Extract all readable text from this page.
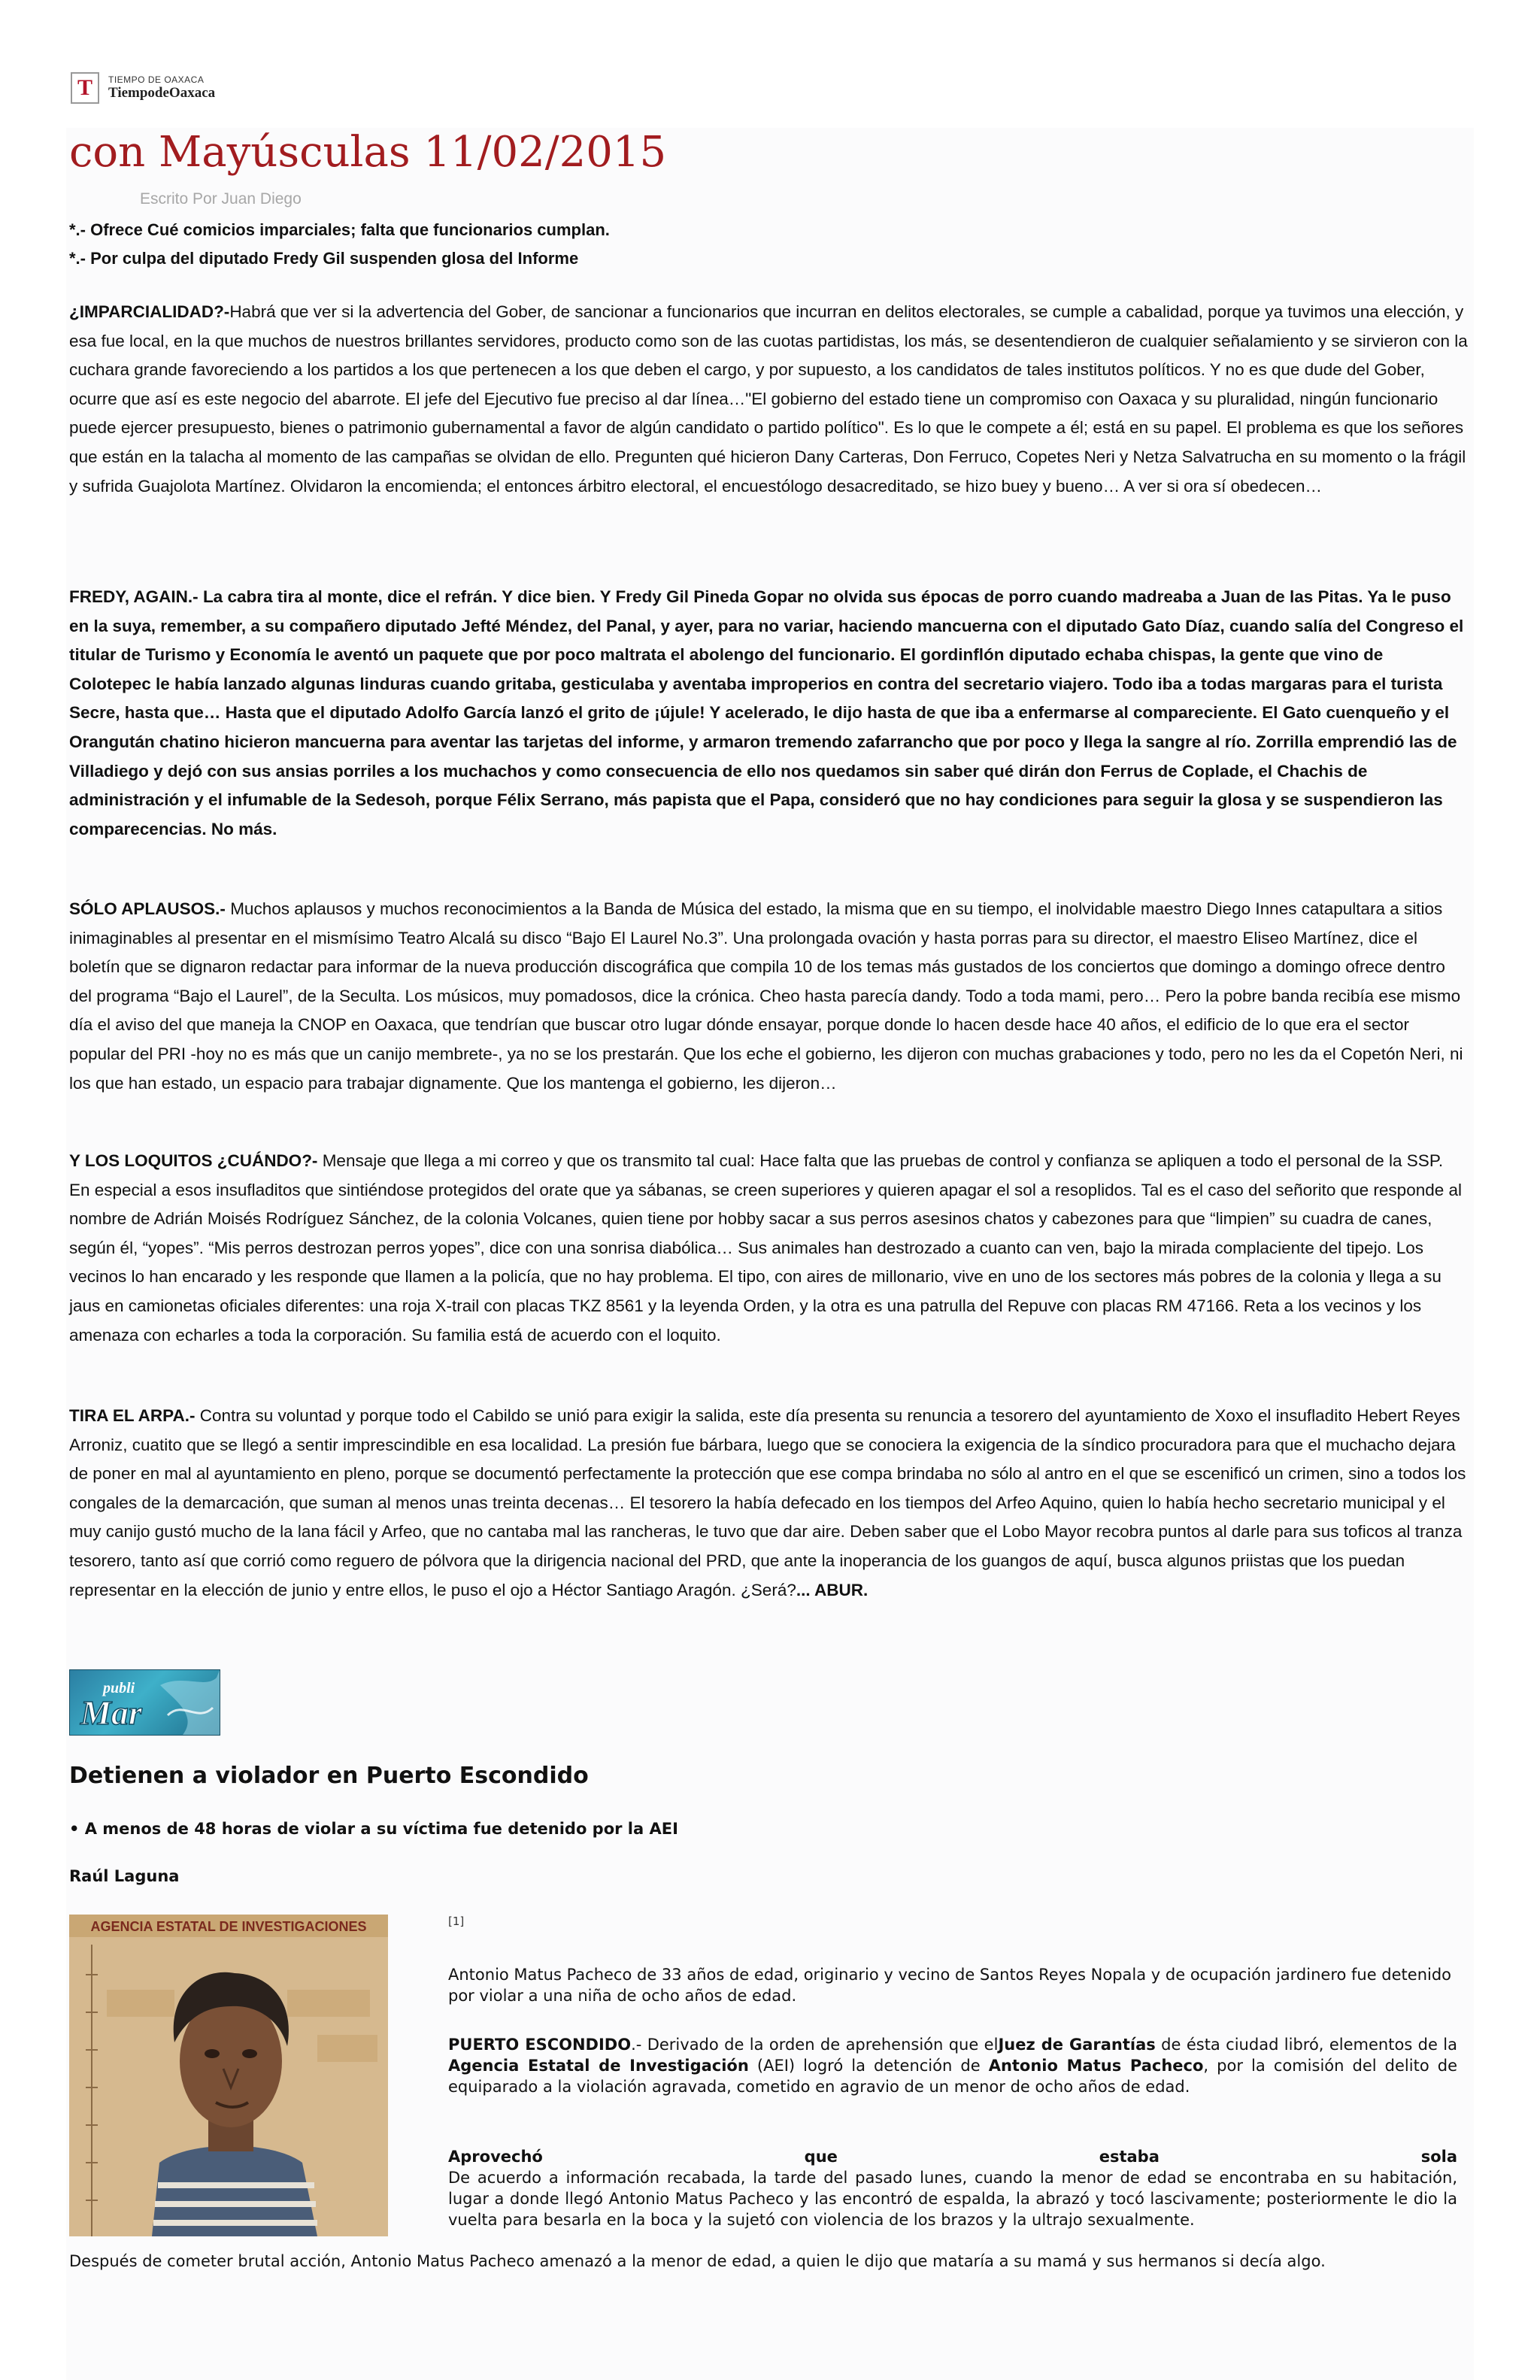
T	TIEMPO DE OAXACA
TiempodeOaxaca
con Mayúsculas 11/02/2015
Escrito Por Juan Diego
*.- Ofrece Cué comicios imparciales; falta que funcionarios cumplan.
*.- Por culpa del diputado Fredy Gil suspenden glosa del Informe
¿IMPARCIALIDAD?-Habrá que ver si la advertencia del Gober, de sancionar a funcionarios que incurran en delitos electorales, se cumple a cabalidad, porque ya tuvimos una elección, y esa fue local, en la que muchos de nuestros brillantes servidores, producto como son de las cuotas partidistas, los más, se desentendieron de cualquier señalamiento y se sirvieron con la cuchara grande favoreciendo a los partidos a los que pertenecen a los que deben el cargo, y por supuesto, a los candidatos de tales institutos políticos. Y no es que dude del Gober, ocurre que así es este negocio del abarrote. El jefe del Ejecutivo fue preciso al dar línea…"El gobierno del estado tiene un compromiso con Oaxaca y su pluralidad, ningún funcionario puede ejercer presupuesto, bienes o patrimonio gubernamental a favor de algún candidato o partido político". Es lo que le compete a él; está en su papel. El problema es que los señores que están en la talacha al momento de las campañas se olvidan de ello. Pregunten qué hicieron Dany Carteras, Don Ferruco, Copetes Neri y Netza Salvatrucha en su momento o la frágil y sufrida Guajolota Martínez. Olvidaron la encomienda; el entonces árbitro electoral, el encuestólogo desacreditado, se hizo buey y bueno… A ver si ora sí obedecen…
FREDY, AGAIN.- La cabra tira al monte, dice el refrán. Y dice bien. Y Fredy Gil Pineda Gopar no olvida sus épocas de porro cuando madreaba a Juan de las Pitas. Ya le puso en la suya, remember, a su compañero diputado Jefté Méndez, del Panal, y ayer, para no variar, haciendo mancuerna con el diputado Gato Díaz, cuando salía del Congreso el titular de Turismo y Economía le aventó un paquete que por poco maltrata el abolengo del funcionario. El gordinflón diputado echaba chispas, la gente que vino de Colotepec le había lanzado algunas linduras cuando gritaba, gesticulaba y aventaba improperios en contra del secretario viajero. Todo iba a todas margaras para el turista Secre, hasta que… Hasta que el diputado Adolfo García lanzó el grito de ¡újule! Y acelerado, le dijo hasta de que iba a enfermarse al compareciente. El Gato cuenqueño y el Orangután chatino hicieron mancuerna para aventar las tarjetas del informe, y armaron tremendo zafarrancho que por poco y llega la sangre al río. Zorrilla emprendió las de Villadiego y dejó con sus ansias porriles a los muchachos y como consecuencia de ello nos quedamos sin saber qué dirán don Ferrus de Coplade, el Chachis de administración y el infumable de la Sedesoh, porque Félix Serrano, más papista que el Papa, consideró que no hay condiciones para seguir la glosa y se suspendieron las comparecencias. No más.
SÓLO APLAUSOS.- Muchos aplausos y muchos reconocimientos a la Banda de Música del estado, la misma que en su tiempo, el inolvidable maestro Diego Innes catapultara a sitios inimaginables al presentar en el mismísimo Teatro Alcalá su disco “Bajo El Laurel No.3”. Una prolongada ovación y hasta porras para su director, el maestro Eliseo Martínez, dice el boletín que se dignaron redactar para informar de la nueva producción discográfica que compila 10 de los temas más gustados de los conciertos que domingo a domingo ofrece dentro del programa “Bajo el Laurel”, de la Seculta. Los músicos, muy pomadosos, dice la crónica. Cheo hasta parecía dandy. Todo a toda mami, pero… Pero la pobre banda recibía ese mismo día el aviso del que maneja la CNOP en Oaxaca, que tendrían que buscar otro lugar dónde ensayar, porque donde lo hacen desde hace 40 años, el edificio de lo que era el sector popular del PRI -hoy no es más que un canijo membrete-, ya no se los prestarán. Que los eche el gobierno, les dijeron con muchas grabaciones y todo, pero no les da el Copetón Neri, ni los que han estado, un espacio para trabajar dignamente. Que los mantenga el gobierno, les dijeron…
Y LOS LOQUITOS ¿CUÁNDO?- Mensaje que llega a mi correo y que os transmito tal cual: Hace falta que las pruebas de control y confianza se apliquen a todo el personal de la SSP. En especial a esos insufladitos que sintiéndose protegidos del orate que ya sábanas, se creen superiores y quieren apagar el sol a resoplidos. Tal es el caso del señorito que responde al nombre de Adrián Moisés Rodríguez Sánchez, de la colonia Volcanes, quien tiene por hobby sacar a sus perros asesinos chatos y cabezones para que “limpien” su cuadra de canes, según él, “yopes”. “Mis perros destrozan perros yopes”, dice con una sonrisa diabólica… Sus animales han destrozado a cuanto can ven, bajo la mirada complaciente del tipejo. Los vecinos lo han encarado y les responde que llamen a la policía, que no hay problema. El tipo, con aires de millonario, vive en uno de los sectores más pobres de la colonia y llega a su jaus en camionetas oficiales diferentes: una roja X-trail con placas TKZ 8561 y la leyenda Orden, y la otra es una patrulla del Repuve con placas RM 47166. Reta a los vecinos y los amenaza con echarles a toda la corporación. Su familia está de acuerdo con el loquito.
TIRA EL ARPA.- Contra su voluntad y porque todo el Cabildo se unió para exigir la salida, este día presenta su renuncia a tesorero del ayuntamiento de Xoxo el insufladito Hebert Reyes Arroniz, cuatito que se llegó a sentir imprescindible en esa localidad. La presión fue bárbara, luego que se conociera la exigencia de la síndico procuradora para que el muchacho dejara de poner en mal al ayuntamiento en pleno, porque se documentó perfectamente la protección que ese compa brindaba no sólo al antro en el que se escenificó un crimen, sino a todos los congales de la demarcación, que suman al menos unas treinta decenas… El tesorero la había defecado en los tiempos del Arfeo Aquino, quien lo había hecho secretario municipal y el muy canijo gustó mucho de la lana fácil y Arfeo, que no cantaba mal las rancheras, le tuvo que dar aire. Deben saber que el Lobo Mayor recobra puntos al darle para sus toficos al tranza tesorero, tanto así que corrió como reguero de pólvora que la dirigencia nacional del PRD, que ante la inoperancia de los guangos de aquí, busca algunos priistas que los puedan representar en la elección de junio y entre ellos, le puso el ojo a Héctor Santiago Aragón. ¿Será?... ABUR.
publi
Mar
Detienen a violador en Puerto Escondido
• A menos de 48 horas de violar a su víctima fue detenido por la AEI
Raúl Laguna
AGENCIA ESTATAL DE INVESTIGACIONES	[1]
Antonio Matus Pacheco de 33 años de edad, originario y vecino de Santos Reyes Nopala y de ocupación jardinero fue detenido por violar a una niña de ocho años de edad.
PUERTO ESCONDIDO.- Derivado de la orden de aprehensión que elJuez de Garantías de ésta ciudad libró, elementos de la Agencia Estatal de Investigación (AEI) logró la detención de Antonio Matus Pacheco, por la comisión del delito de equiparado a la violación agravada, cometido en agravio de un menor de ocho años de edad.
Aprovechó	que	estaba	sola
De acuerdo a información recabada, la tarde del pasado lunes, cuando la menor de edad se encontraba en su habitación, lugar a donde llegó Antonio Matus Pacheco y las encontró de espalda, la abrazó y tocó lascivamente; posteriormente le dio la vuelta para besarla en la boca y la sujetó con violencia de los brazos y la ultrajo sexualmente.
Después de cometer brutal acción, Antonio Matus Pacheco amenazó a la menor de edad, a quien le dijo que mataría a su mamá y sus hermanos si decía algo.
